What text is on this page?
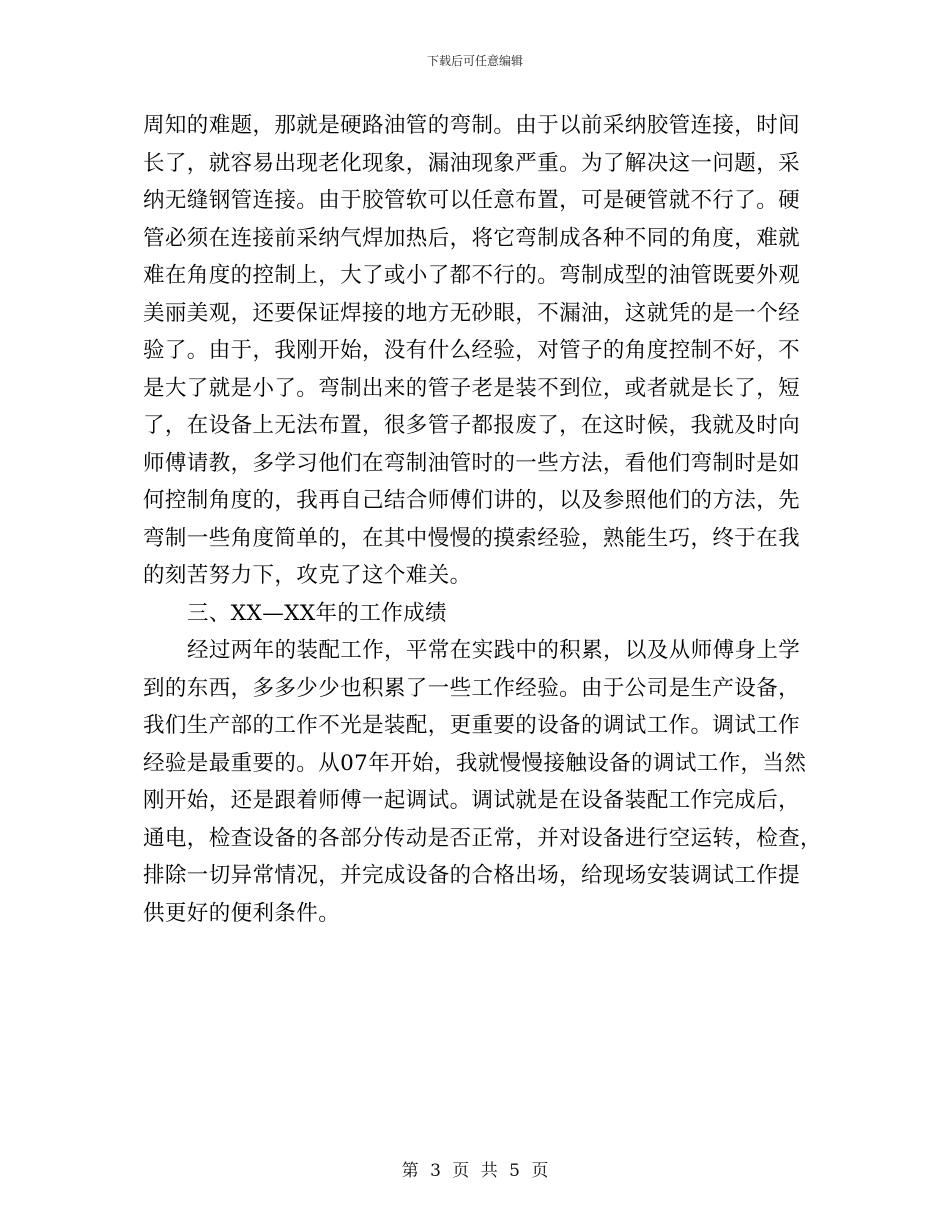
下载后可任意编辑
周知的难题，那就是硬路油管的弯制。由于以前采纳胶管连接，时间
长了，就容易出现老化现象，漏油现象严重。为了解决这一问题，采
纳无缝钢管连接。由于胶管软可以任意布置，可是硬管就不行了。硬
管必须在连接前采纳气焊加热后，将它弯制成各种不同的角度，难就
难在角度的控制上，大了或小了都不行的。弯制成型的油管既要外观
美丽美观，还要保证焊接的地方无砂眼，不漏油，这就凭的是一个经
验了。由于，我刚开始，没有什么经验，对管子的角度控制不好，不
是大了就是小了。弯制出来的管子老是装不到位，或者就是长了，短
了，在设备上无法布置，很多管子都报废了，在这时候，我就及时向
师傅请教，多学习他们在弯制油管时的一些方法，看他们弯制时是如
何控制角度的，我再自己结合师傅们讲的，以及参照他们的方法，先
弯制一些角度简单的，在其中慢慢的摸索经验，熟能生巧，终于在我
的刻苦努力下，攻克了这个难关。
三、XX—XX年的工作成绩
经过两年的装配工作，平常在实践中的积累，以及从师傅身上学
到的东西，多多少少也积累了一些工作经验。由于公司是生产设备，
我们生产部的工作不光是装配，更重要的设备的调试工作。调试工作
经验是最重要的。从07年开始，我就慢慢接触设备的调试工作，当然
刚开始，还是跟着师傅一起调试。调试就是在设备装配工作完成后，
通电，检查设备的各部分传动是否正常，并对设备进行空运转，检查，
排除一切异常情况，并完成设备的合格出场，给现场安装调试工作提
供更好的便利条件。
第 3 页 共 5 页
